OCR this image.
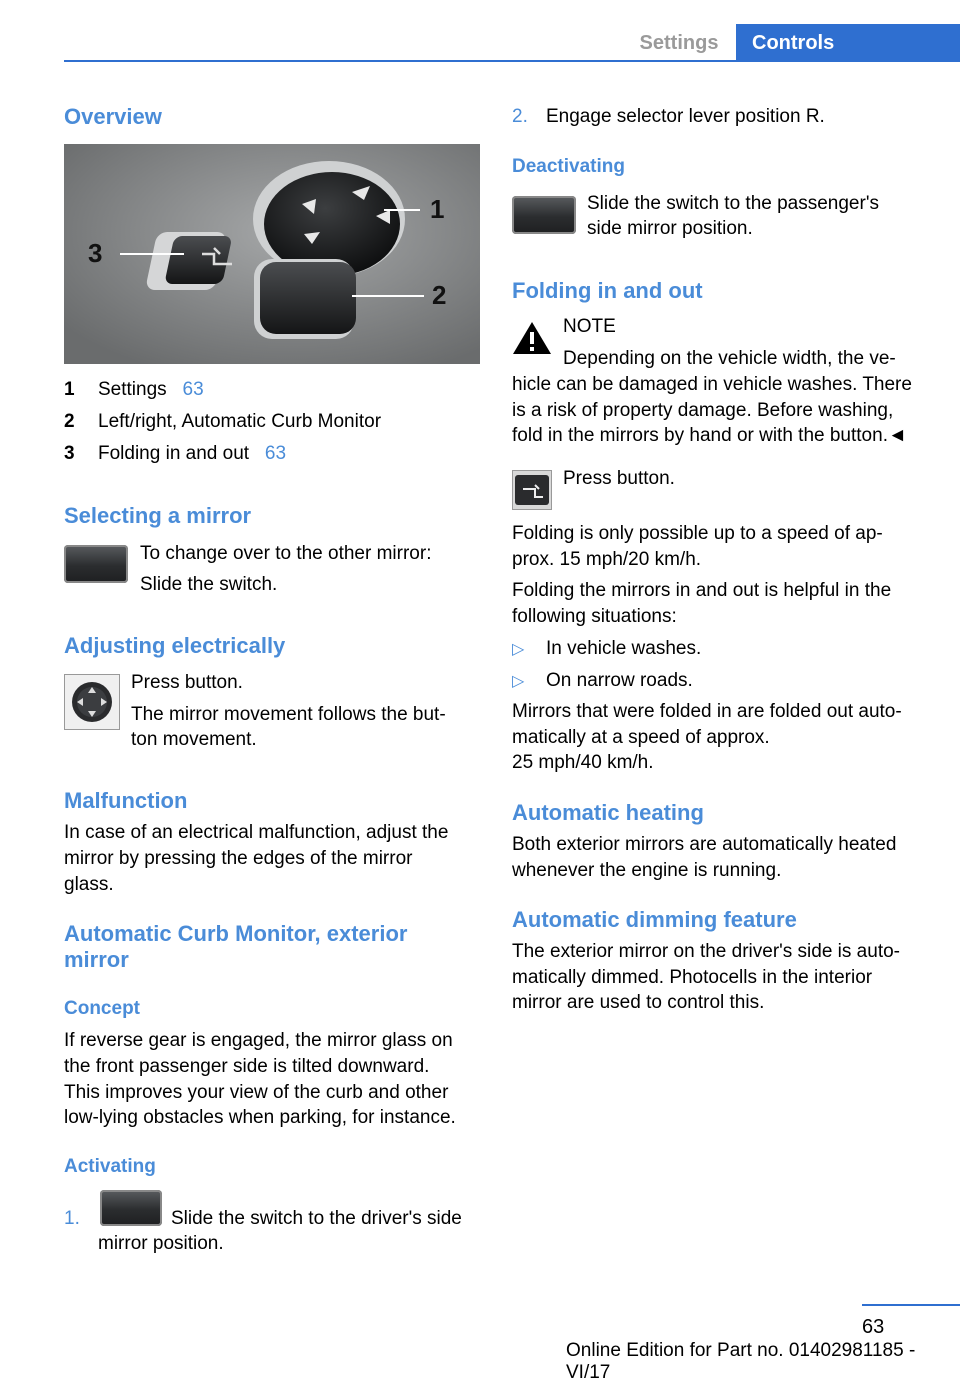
Settings	Controls
Overview
3
1
2
1 Settings 63
2 Left/right, Automatic Curb Monitor
3 Folding in and out 63
Selecting a mirror
To change over to the other mirror:
Slide the switch.
Adjusting electrically
Press button.
The mirror movement follows the but‐
ton movement.
Malfunction
In case of an electrical malfunction, adjust the
mirror by pressing the edges of the mirror
glass.
Automatic Curb Monitor, exterior
mirror
Concept
If reverse gear is engaged, the mirror glass on
the front passenger side is tilted downward.
This improves your view of the curb and other
low-lying obstacles when parking, for instance.
Activating
1.	Slide the switch to the driver's side
mirror position.
2. Engage selector lever position R.
Deactivating
Slide the switch to the passenger's
side mirror position.
Folding in and out
NOTE
Depending on the vehicle width, the ve‐
hicle can be damaged in vehicle washes. There
is a risk of property damage. Before washing,
fold in the mirrors by hand or with the button.◄
Press button.
Folding is only possible up to a speed of ap‐
prox. 15 mph/20 km/h.
Folding the mirrors in and out is helpful in the
following situations:
▷ In vehicle washes.
▷ On narrow roads.
Mirrors that were folded in are folded out auto‐
matically at a speed of approx.
25 mph/40 km/h.
Automatic heating
Both exterior mirrors are automatically heated
whenever the engine is running.
Automatic dimming feature
The exterior mirror on the driver's side is auto‐
matically dimmed. Photocells in the interior
mirror are used to control this.
63
Online Edition for Part no. 01402981185 - VI/17
